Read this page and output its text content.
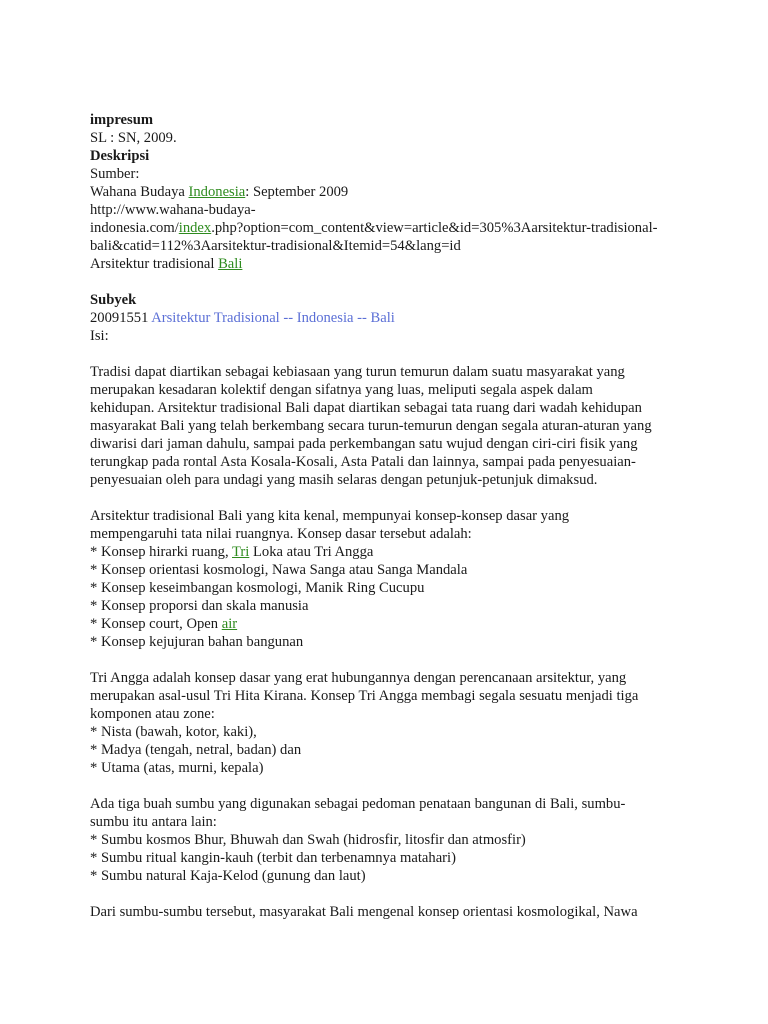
impresum
SL : SN, 2009.
Deskripsi
Sumber:
Wahana Budaya Indonesia: September 2009
http://www.wahana-budaya-
indonesia.com/index.php?option=com_content&view=article&id=305%3Aarsitektur-tradisional-
bali&catid=112%3Aarsitektur-tradisional&Itemid=54&lang=id
Arsitektur tradisional Bali
Subyek
20091551 Arsitektur Tradisional -- Indonesia -- Bali
Isi:
Tradisi dapat diartikan sebagai kebiasaan yang turun temurun dalam suatu masyarakat yang
merupakan kesadaran kolektif dengan sifatnya yang luas, meliputi segala aspek dalam
kehidupan. Arsitektur tradisional Bali dapat diartikan sebagai tata ruang dari wadah kehidupan
masyarakat Bali yang telah berkembang secara turun-temurun dengan segala aturan-aturan yang
diwarisi dari jaman dahulu, sampai pada perkembangan satu wujud dengan ciri-ciri fisik yang
terungkap pada rontal Asta Kosala-Kosali, Asta Patali dan lainnya, sampai pada penyesuaian-
penyesuaian oleh para undagi yang masih selaras dengan petunjuk-petunjuk dimaksud.
Arsitektur tradisional Bali yang kita kenal, mempunyai konsep-konsep dasar yang
mempengaruhi tata nilai ruangnya. Konsep dasar tersebut adalah:
* Konsep hirarki ruang, Tri Loka atau Tri Angga
* Konsep orientasi kosmologi, Nawa Sanga atau Sanga Mandala
* Konsep keseimbangan kosmologi, Manik Ring Cucupu
* Konsep proporsi dan skala manusia
* Konsep court, Open air
* Konsep kejujuran bahan bangunan
Tri Angga adalah konsep dasar yang erat hubungannya dengan perencanaan arsitektur, yang
merupakan asal-usul Tri Hita Kirana. Konsep Tri Angga membagi segala sesuatu menjadi tiga
komponen atau zone:
* Nista (bawah, kotor, kaki),
* Madya (tengah, netral, badan) dan
* Utama (atas, murni, kepala)
Ada tiga buah sumbu yang digunakan sebagai pedoman penataan bangunan di Bali, sumbu-
sumbu itu antara lain:
* Sumbu kosmos Bhur, Bhuwah dan Swah (hidrosfir, litosfir dan atmosfir)
* Sumbu ritual kangin-kauh (terbit dan terbenamnya matahari)
* Sumbu natural Kaja-Kelod (gunung dan laut)
Dari sumbu-sumbu tersebut, masyarakat Bali mengenal konsep orientasi kosmologikal, Nawa
